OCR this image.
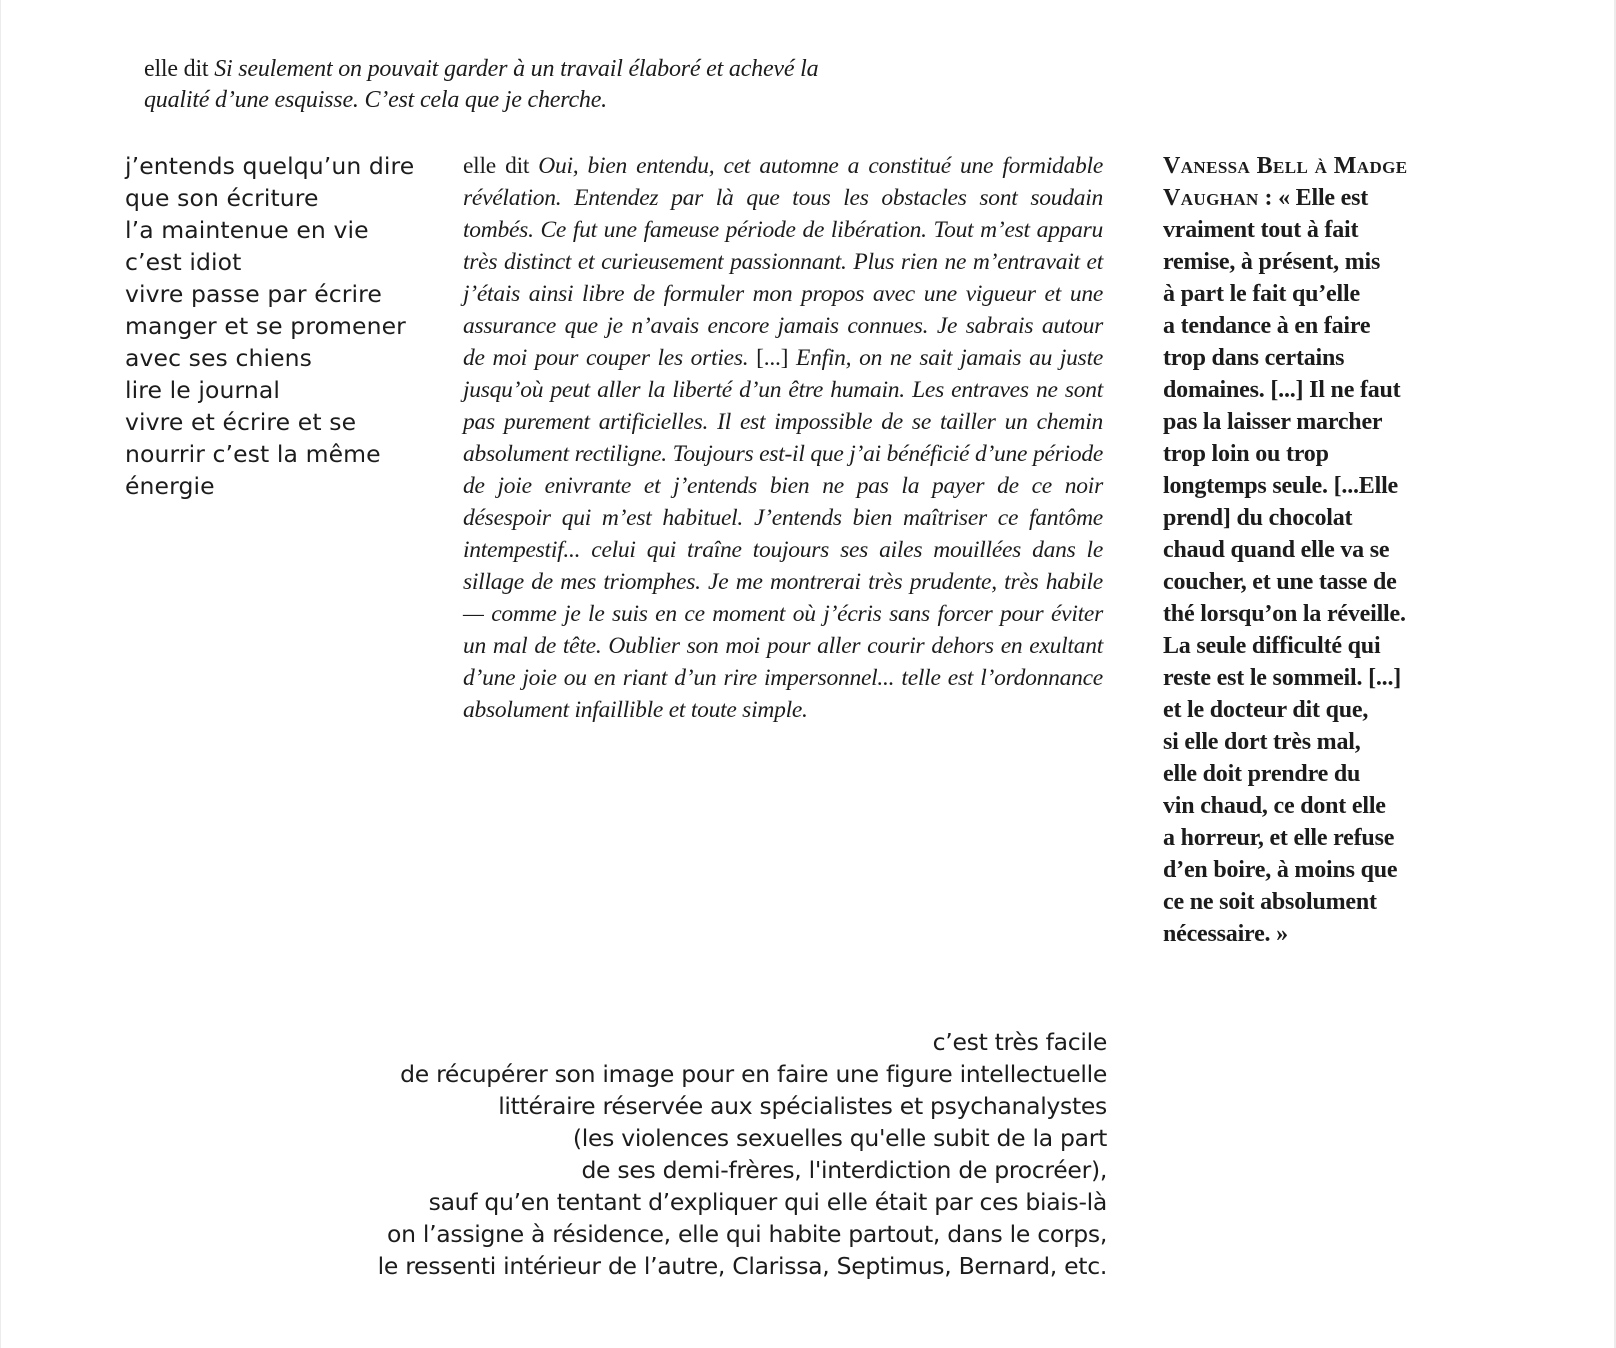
elle dit Si seulement on pouvait garder à un travail élaboré et achevé la qualité d’une esquisse. C’est cela que je cherche.
j’entends quelqu’un dire
que son écriture
l’a maintenue en vie
c’est idiot
vivre passe par écrire
manger et se promener
avec ses chiens
lire le journal
vivre et écrire et se
nourrir c’est la même
énergie
elle dit Oui, bien entendu, cet automne a constitué une formidable révélation. Entendez par là que tous les obstacles sont soudain tombés. Ce fut une fameuse période de libération. Tout m’est apparu très distinct et curieusement passionnant. Plus rien ne m’entravait et j’étais ainsi libre de formuler mon propos avec une vigueur et une assurance que je n’avais encore jamais connues. Je sabrais autour de moi pour couper les orties. [...] Enfin, on ne sait jamais au juste jusqu’où peut aller la liberté d’un être humain. Les entraves ne sont pas purement artificielles. Il est impossible de se tailler un chemin absolument rectiligne. Toujours est-il que j’ai bénéficié d’une période de joie enivrante et j’entends bien ne pas la payer de ce noir désespoir qui m’est habituel. J’entends bien maîtriser ce fantôme intempestif... celui qui traîne toujours ses ailes mouillées dans le sillage de mes triomphes. Je me montrerai très prudente, très habile — comme je le suis en ce moment où j’écris sans forcer pour éviter un mal de tête. Oublier son moi pour aller courir dehors en exultant d’une joie ou en riant d’un rire impersonnel... telle est l’ordonnance absolument infaillible et toute simple.
Vanessa Bell à Madge
Vaughan : « Elle est
vraiment tout à fait
remise, à présent, mis
à part le fait qu’elle
a tendance à en faire
trop dans certains
domaines. [...] Il ne faut
pas la laisser marcher
trop loin ou trop
longtemps seule. [...Elle
prend] du chocolat
chaud quand elle va se
coucher, et une tasse de
thé lorsqu’on la réveille.
La seule difficulté qui
reste est le sommeil. [...]
et le docteur dit que,
si elle dort très mal,
elle doit prendre du
vin chaud, ce dont elle
a horreur, et elle refuse
d’en boire, à moins que
ce ne soit absolument
nécessaire. »
c’est très facile
de récupérer son image pour en faire une figure intellectuelle
littéraire réservée aux spécialistes et psychanalystes
(les violences sexuelles qu'elle subit de la part
de ses demi-frères, l'interdiction de procréer),
sauf qu’en tentant d’expliquer qui elle était par ces biais-là
on l’assigne à résidence, elle qui habite partout, dans le corps,
le ressenti intérieur de l’autre, Clarissa, Septimus, Bernard, etc.
